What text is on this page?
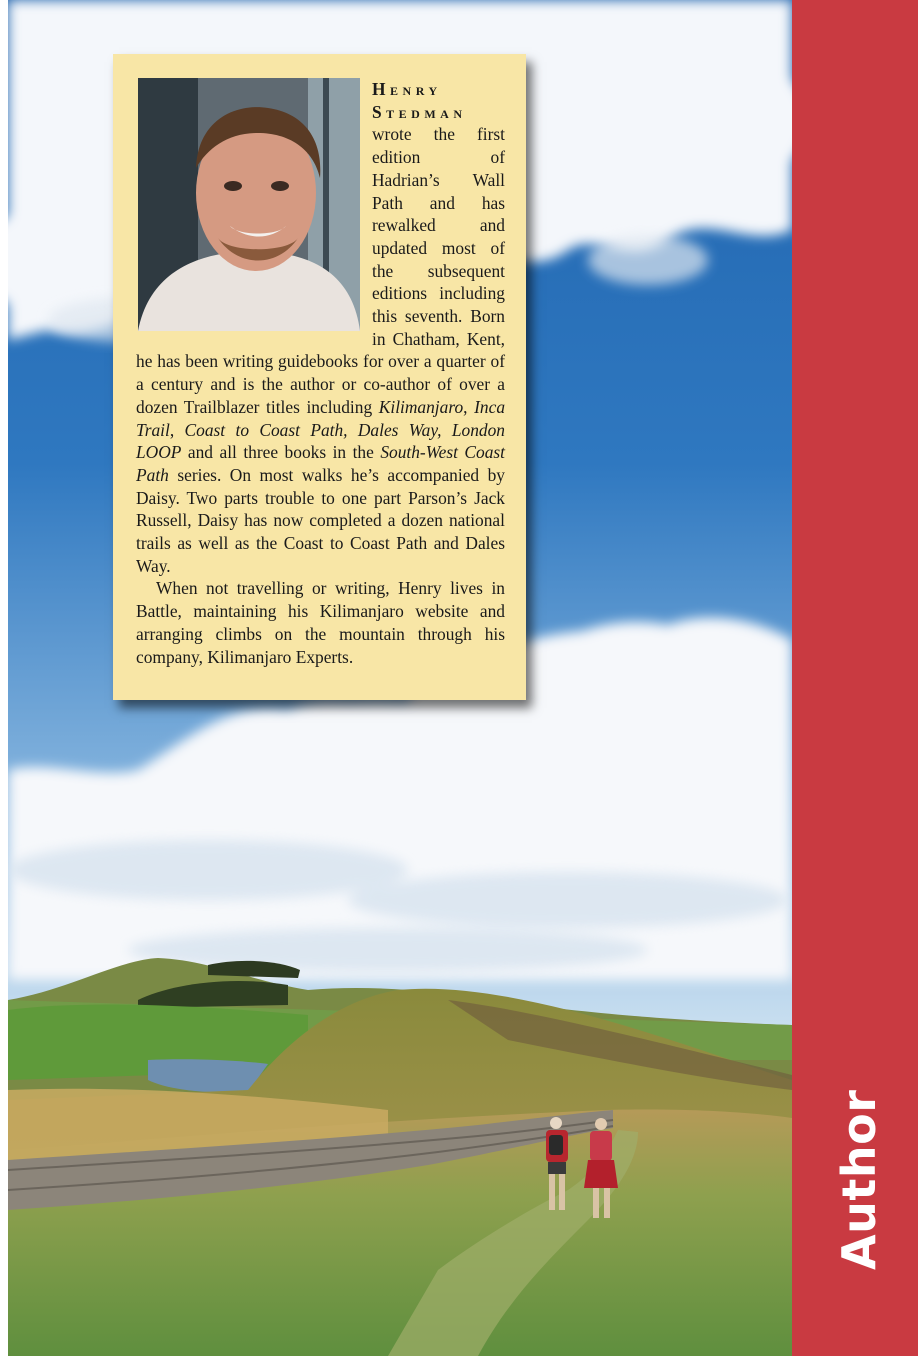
Author

Henry Stedman wrote the first edition of Hadrian’s Wall Path and has rewalked and updated most of the subsequent editions including this seventh. Born in Chatham, Kent, he has been writing guidebooks for over a quarter of a century and is the author or co-author of over a dozen Trailblazer titles including Kilimanjaro, Inca Trail, Coast to Coast Path, Dales Way, London LOOP and all three books in the South-West Coast Path series. On most walks he’s accompanied by Daisy. Two parts trouble to one part Parson’s Jack Russell, Daisy has now completed a dozen national trails as well as the Coast to Coast Path and Dales Way.

When not travelling or writing, Henry lives in Battle, maintaining his Kilimanjaro website and arranging climbs on the mountain through his company, Kilimanjaro Experts.
